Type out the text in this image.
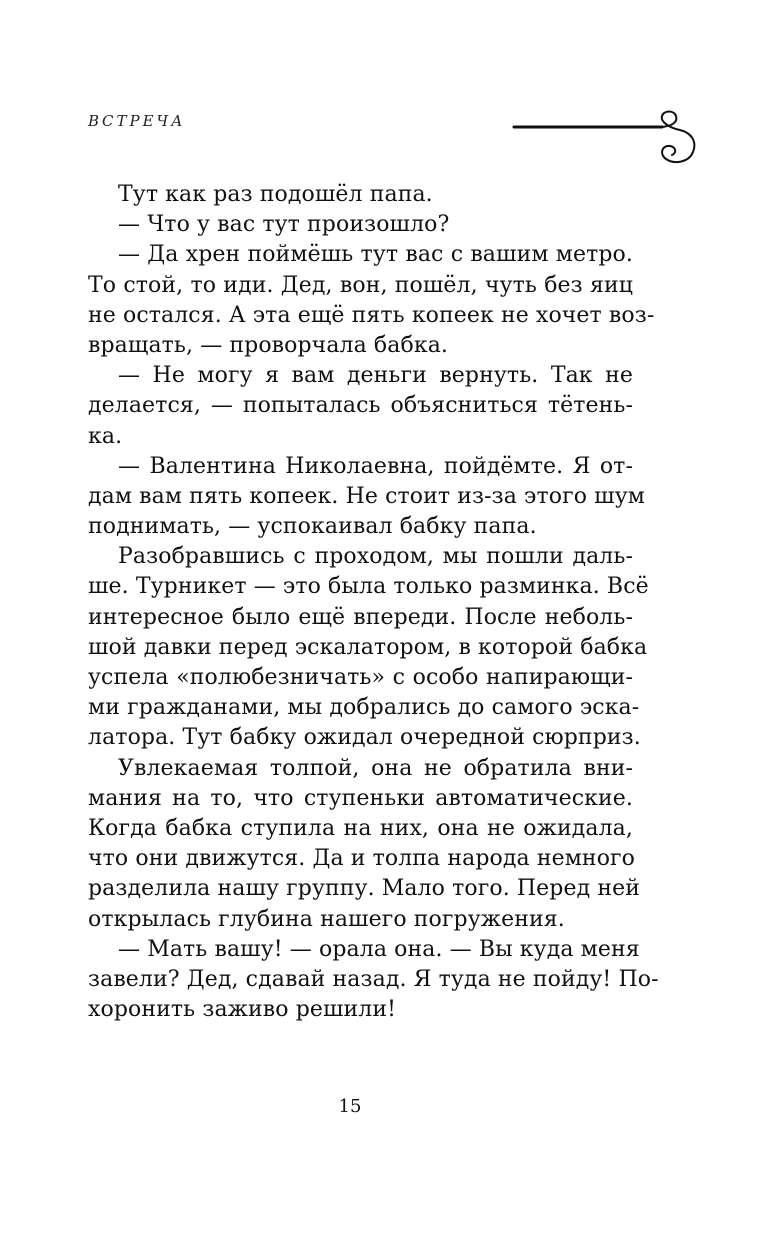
ВСТРЕЧА
Тут как раз подошёл папа.
— Что у вас тут произошло?
— Да хрен поймёшь тут вас с вашим метро.
То стой, то иди. Дед, вон, пошёл, чуть без яиц
не остался. А эта ещё пять копеек не хочет воз-
вращать, — проворчала бабка.
— Не могу я вам деньги вернуть. Так не
делается, — попыталась объясниться тётень-
ка.
— Валентина Николаевна, пойдёмте. Я от-
дам вам пять копеек. Не стоит из-за этого шум
поднимать, — успокаивал бабку папа.
Разобравшись с проходом, мы пошли даль-
ше. Турникет — это была только разминка. Всё
интересное было ещё впереди. После неболь-
шой давки перед эскалатором, в которой бабка
успела «полюбезничать» с особо напирающи-
ми гражданами, мы добрались до самого эска-
латора. Тут бабку ожидал очередной сюрприз.
Увлекаемая толпой, она не обратила вни-
мания на то, что ступеньки автоматические.
Когда бабка ступила на них, она не ожидала,
что они движутся. Да и толпа народа немного
разделила нашу группу. Мало того. Перед ней
открылась глубина нашего погружения.
— Мать вашу! — орала она. — Вы куда меня
завели? Дед, сдавай назад. Я туда не пойду! По-
хоронить заживо решили!
15
